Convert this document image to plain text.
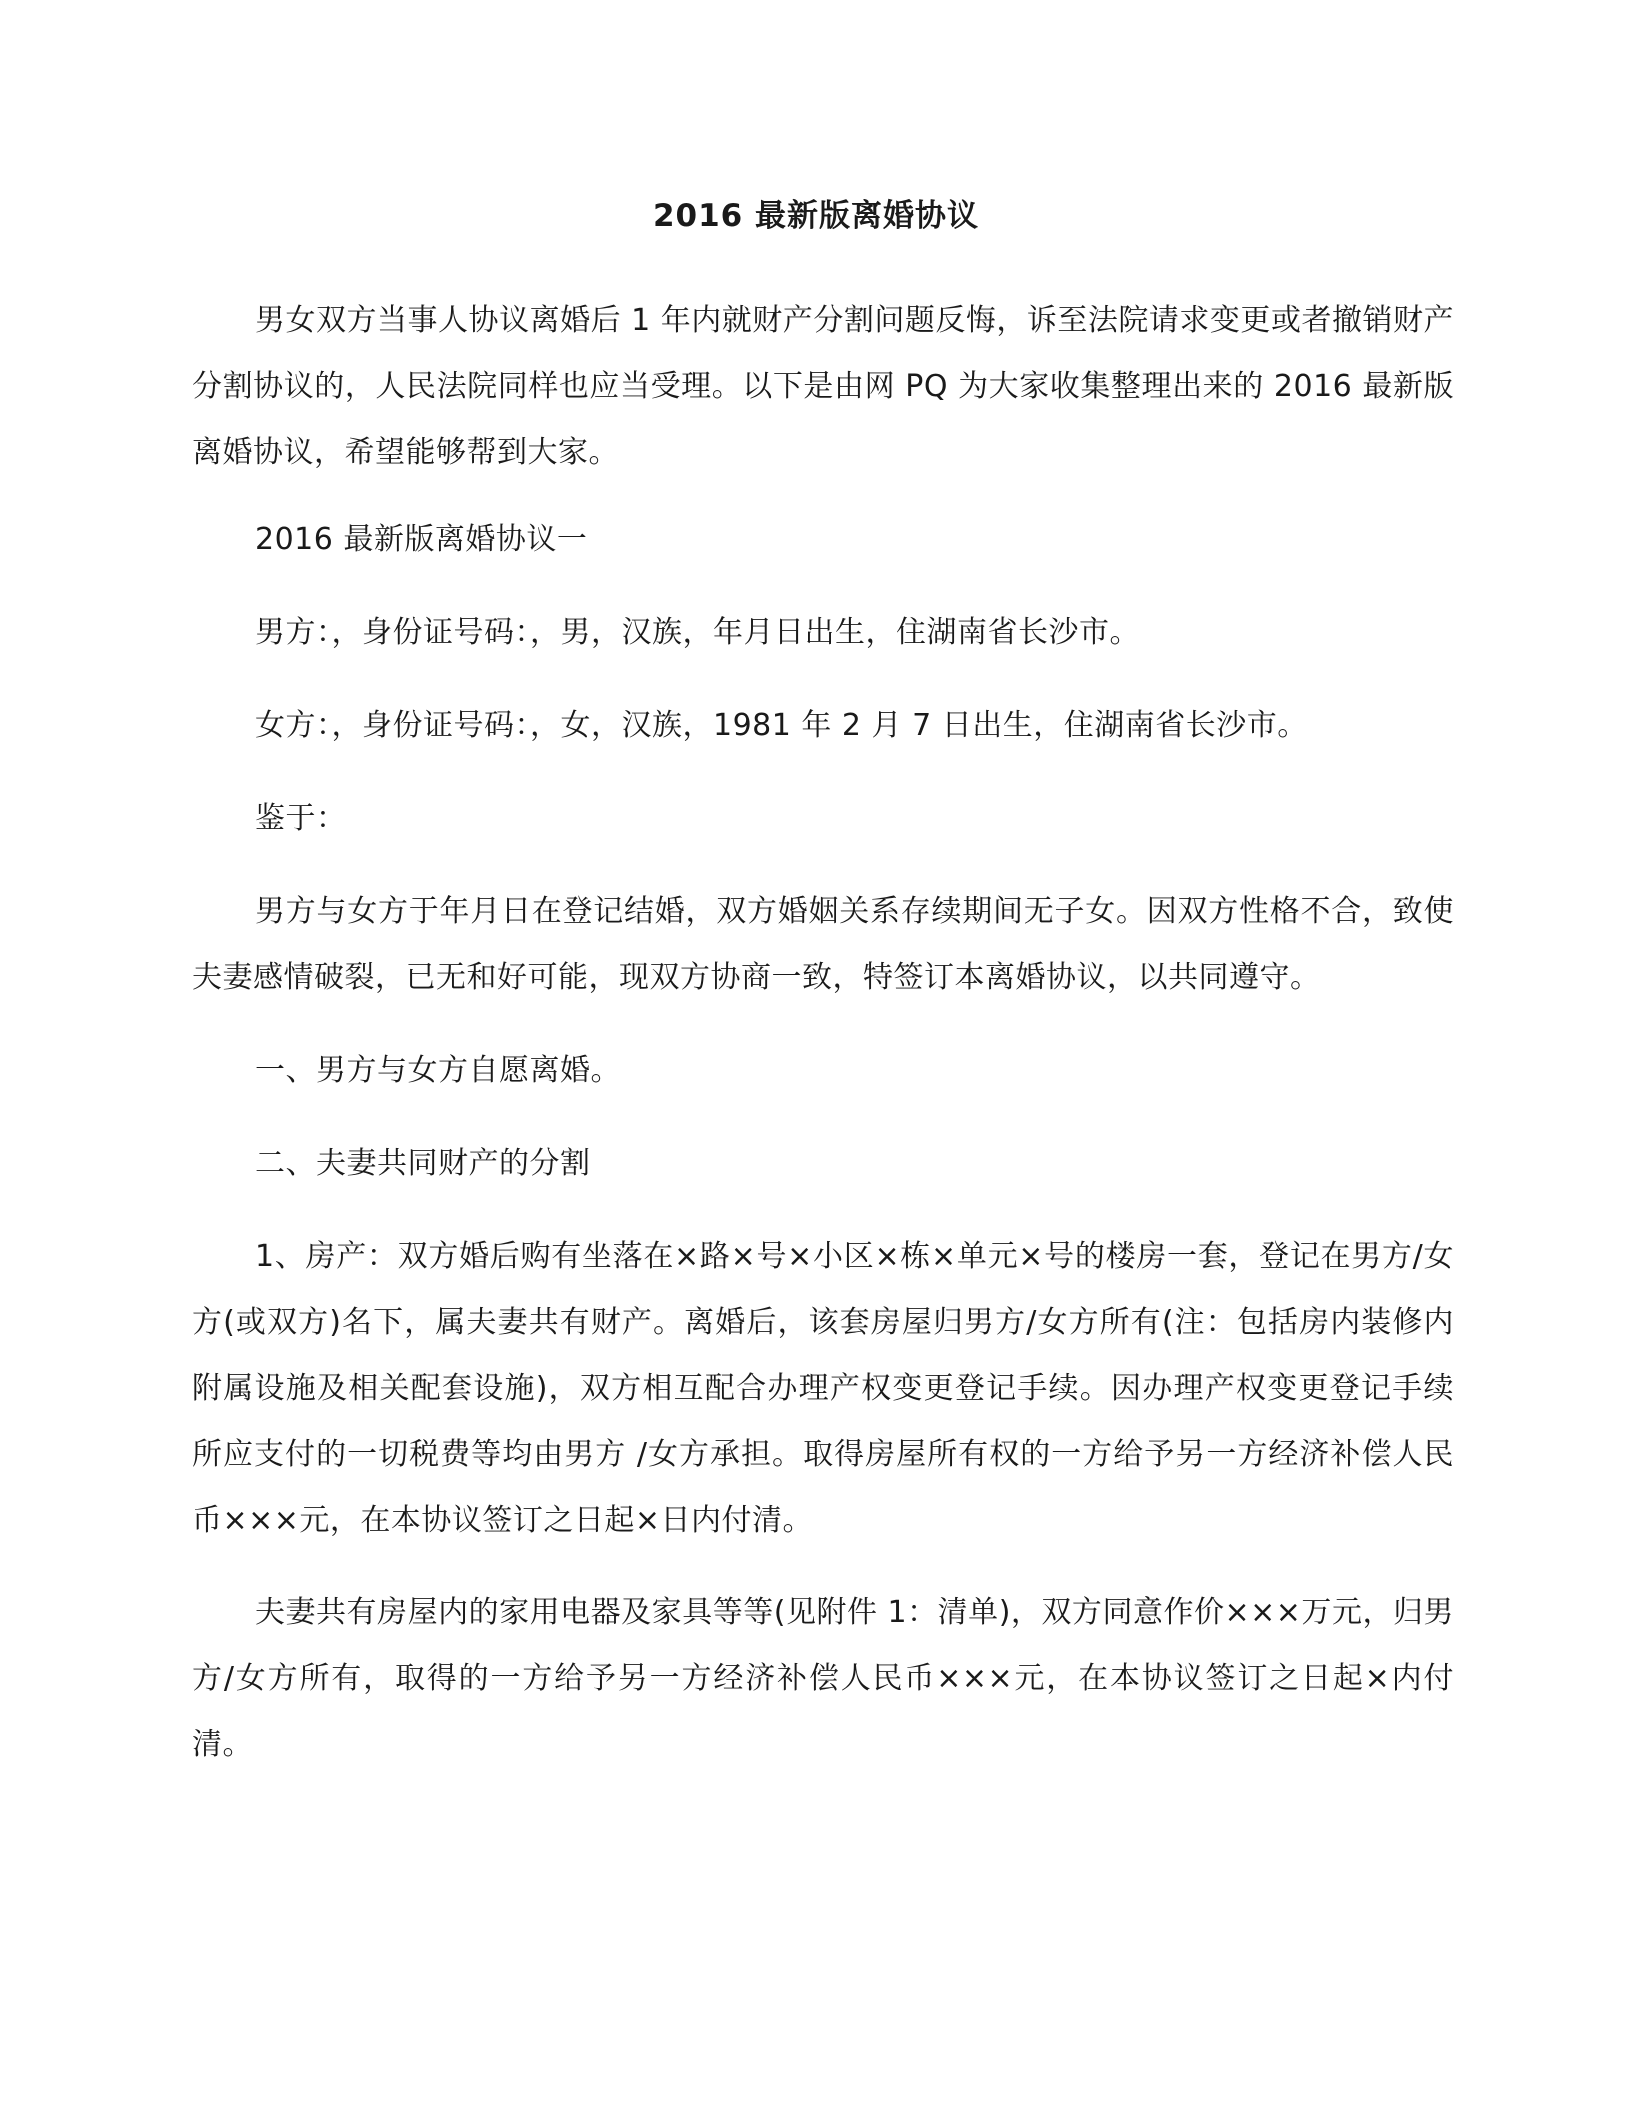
2016 最新版离婚协议

男女双方当事人协议离婚后 1 年内就财产分割问题反悔，诉至法院请求变更或者撤销财产分割协议的，人民法院同样也应当受理。以下是由网 PQ 为大家收集整理出来的 2016 最新版离婚协议，希望能够帮到大家。

2016 最新版离婚协议一

男方：，身份证号码：，男，汉族，年月日出生，住湖南省长沙市。

女方：，身份证号码：，女，汉族，1981 年 2 月 7 日出生，住湖南省长沙市。

鉴于：

男方与女方于年月日在登记结婚，双方婚姻关系存续期间无子女。因双方性格不合，致使夫妻感情破裂，已无和好可能，现双方协商一致，特签订本离婚协议，以共同遵守。

一、男方与女方自愿离婚。

二、夫妻共同财产的分割

1、房产：双方婚后购有坐落在×路×号×小区×栋×单元×号的楼房一套，登记在男方/女方(或双方)名下，属夫妻共有财产。离婚后，该套房屋归男方/女方所有(注：包括房内装修内附属设施及相关配套设施)，双方相互配合办理产权变更登记手续。因办理产权变更登记手续所应支付的一切税费等均由男方 /女方承担。取得房屋所有权的一方给予另一方经济补偿人民币×××元，在本协议签订之日起×日内付清。

夫妻共有房屋内的家用电器及家具等等(见附件 1：清单)，双方同意作价×××万元，归男方/女方所有，取得的一方给予另一方经济补偿人民币×××元，在本协议签订之日起×内付清。
